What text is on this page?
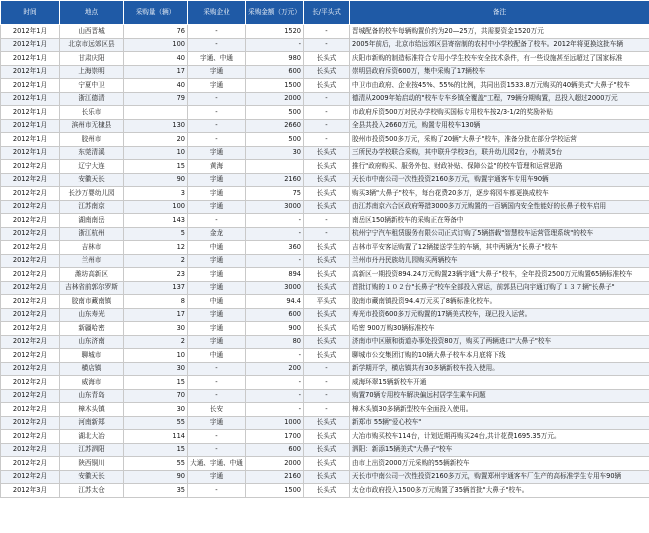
时间	地点	采购量（辆）	采购企业	采购金额（万元）	长/平头式	备注
2012年1月	山西晋城	76	-	1520	-	晋城配备的校车每辆购置价约为20—25万，共需要资金1520万元
2012年1月	北京市远郊区县	100	-	-	-	2005年前后，北京市给远郊区县寄宿制的农村中小学校配备了校车。2012年将更换这批车辆
2012年1月	甘肃庆阳	40	宇通、中通	980	长头式	庆阳市新购的制造标准符合专用小学生校车安全技术条件，有一些设施甚至远超过了国家标准
2012年1月	上海崇明	17	宇通	600	长头式	崇明县政府斥资600万，集中采购了17辆校车
2012年1月	宁夏中卫	40	宇通	1500	长头式	中卫市由政府、企业按45%、55%的比例，共同出资1533.8万元购买的40辆美式"大鼻子"校车
2012年1月	浙江德清	79	-	2000	-	德清从2009年始启动的"校车专车乡镇全覆盖"工程，79辆分期购置，总投入超过2000万元
2012年1月	长乐市		-	500	-	市政府斥资500万对民办学校购买国标专用校车按2/3-1/2的奖励补贴
2012年1月	滨州市无棣县	130	-	2660	-	全县共投入2660万元，购置专用校车130辆
2012年1月	胶州市	20	-	500	-	胶州市投资500多万元，采购了20辆"大鼻子"校车，准备分批在部分学校运营
2012年1月	东莞清溪	10	宇通	30	长头式	三所民办学校联合采购，其中联升学校3台，联升幼儿园2台，小精灵5台
2012年2月	辽宁大连	15	黄海		长头式	推行"政府购买、服务外包、财政补贴、保障公益"的校车管理和运营思路
2012年2月	安徽天长	90	宇通	2160	长头式	天长市中南公司一次性投资2160多万元，购置宇通客车专用车90辆
2012年2月	长沙万婴幼儿园	3	宇通	75	长头式	购买3辆"大鼻子"校车，每台花费20多万，逐步将园车都更换成校车
2012年2月	江苏南京	100	宇通	3000	长头式	由江苏南京六合区政府筹措3000多万元购置的一百辆国内安全性能好的长鼻子校车启用
2012年2月	湖南南岳	143	-	-	-	南岳区150辆新校车的采购正在筹备中
2012年2月	浙江杭州	5	金龙	-	-	杭州宁宁汽车租赁服务有限公司正式订购了5辆搭载"智慧校车运营管理系统"的校车
2012年2月	吉林市	12	中通	360	长头式	吉林市平安客运购置了12辆接送学生的车辆，其中两辆为"长鼻子"校车
2012年2月	兰州市	2	宇通	-	长头式	兰州市丹丹民族幼儿园购买两辆校车
2012年2月	潍坊高新区	23	宇通	894	长头式	高新区一期投资894.24万元购置23辆宇通"大鼻子"校车，全年投资2500万元购置65辆标准校车
2012年2月	吉林省前郭尔罗斯	137	宇通	3000	长头式	首批订购的１０２台"长鼻子"校车全部投入营运，前郭县已向宇通订购了１３７辆"长鼻子"
2012年2月	胶南市藏南镇	8	中通	94.4	平头式	胶南市藏南镇投资94.4万元买了8辆标准化校车。
2012年2月	山东寿光	17	宇通	600	长头式	寿光市投资600多万元购置的17辆美式校车，现已投入运营。
2012年2月	新疆哈密	30	宇通	900	长头式	哈密 900万购30辆标准校车
2012年2月	山东济南	2	宇通	80	长头式	济南市中区颐和街道办事处投资80万，购买了两辆进口"大鼻子"校车
2012年2月	聊城市	10	中通	-	长头式	聊城市公交集团订购的10辆大鼻子校车本月底将下线
2012年2月	横店镇	30	-	200	-	新学期开学，横店镇共有30多辆新校车投入使用。
2012年2月	威海市	15	-	-	-	威海环翠15辆新校车开通
2012年2月	山东青岛	70	-	-	-	购置70辆专用校车解决偏远村居学生乘车问题
2012年2月	樟木头镇	30	长安	-	-	樟木头镇30多辆新型校车全面投入使用。
2012年2月	河南新郑	55	宇通	1000	长头式	新郑市 55辆"爱心校车"
2012年2月	湖北大冶	114	-	1700	长头式	大冶市购买校车114台，计划近期再购买24台,共计花费1695.35万元。
2012年2月	江苏泗阳	15	-	600	长头式	泗阳：新添15辆美式"大鼻子"校车
2012年2月	陕西铜川	55	大通、宇通、中通	2000	长头式	由市上出资2000万元采购的55辆新校车
2012年2月	安徽天长	90	宇通	2160	长头式	天长市中南公司一次性投资2160多万元，购置郑州宇通客车厂生产的高标准学生专用车90辆
2012年3月	江苏太仓	35	-	1500	长头式	太仓市政府投入1500多万元购置了35辆首批"大鼻子"校车。
